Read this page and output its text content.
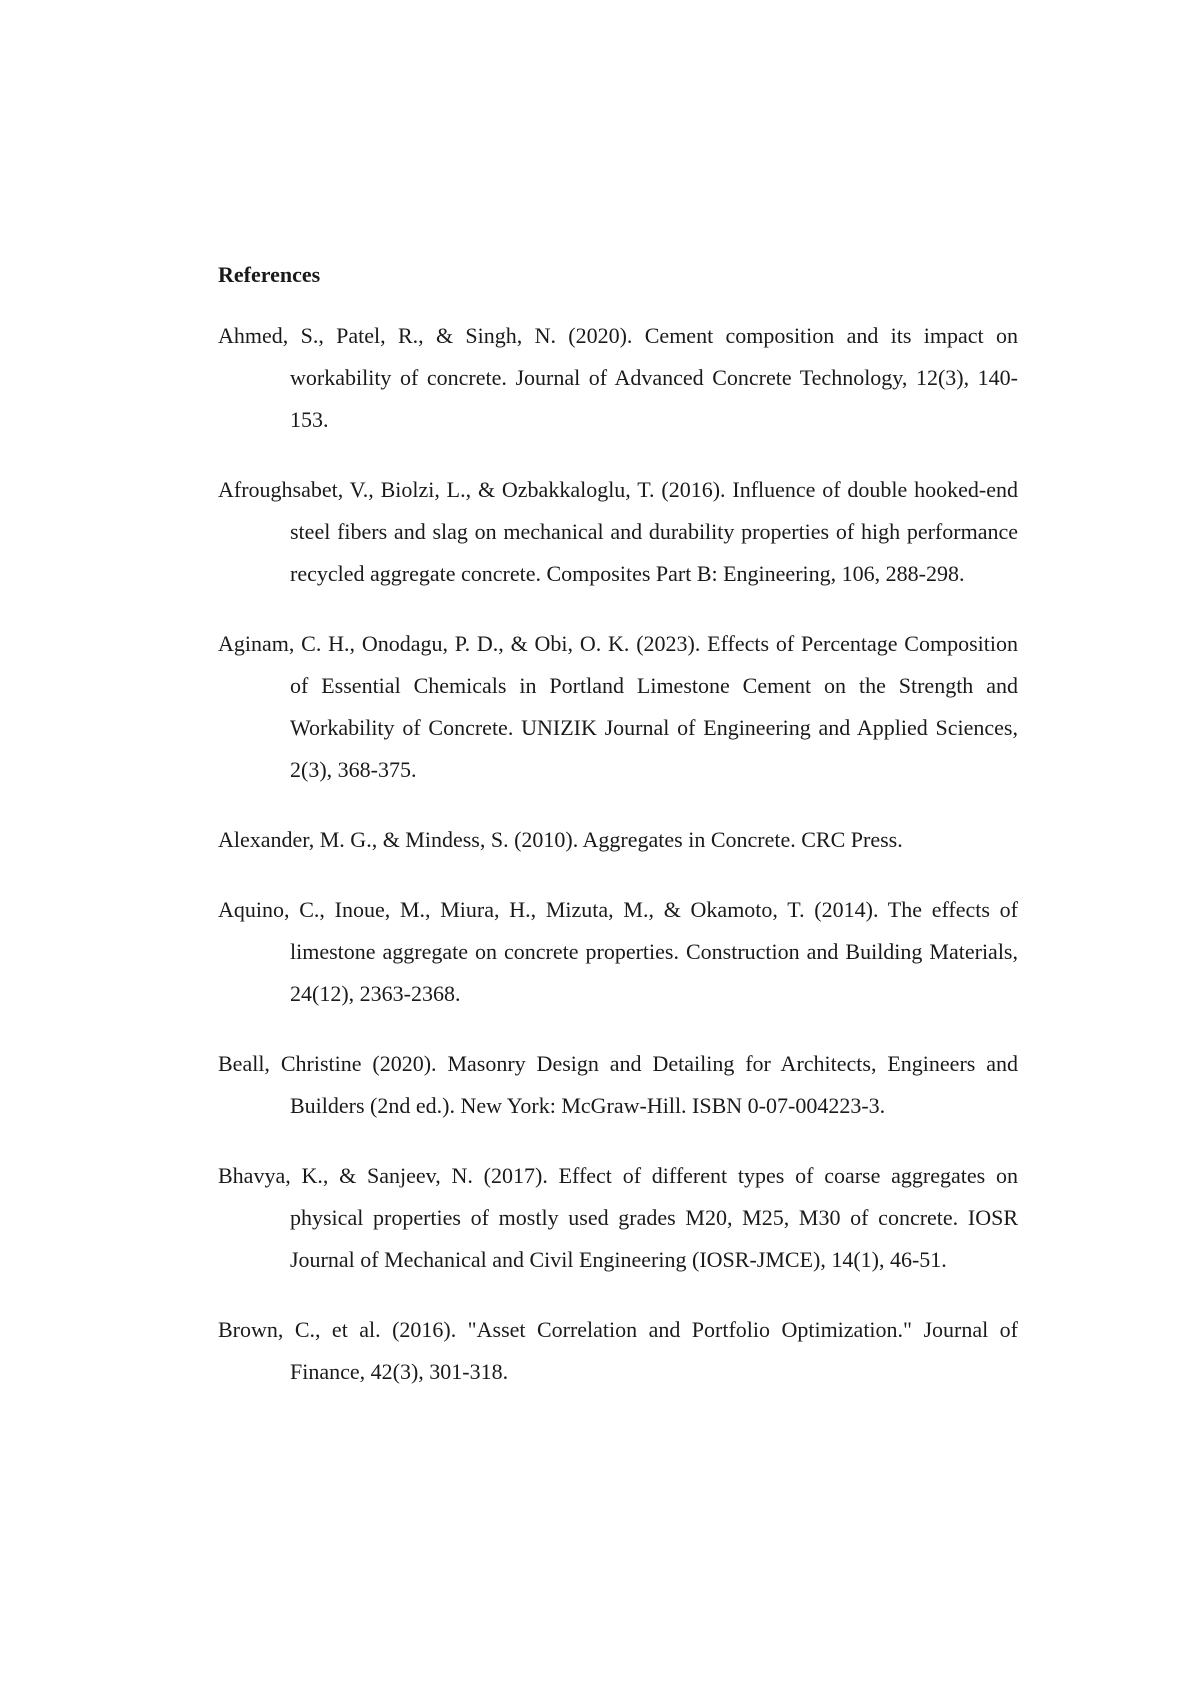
References
Ahmed, S., Patel, R., & Singh, N. (2020). Cement composition and its impact on workability of concrete. Journal of Advanced Concrete Technology, 12(3), 140-153.
Afroughsabet, V., Biolzi, L., & Ozbakkaloglu, T. (2016). Influence of double hooked-end steel fibers and slag on mechanical and durability properties of high performance recycled aggregate concrete. Composites Part B: Engineering, 106, 288-298.
Aginam, C. H., Onodagu, P. D., & Obi, O. K. (2023). Effects of Percentage Composition of Essential Chemicals in Portland Limestone Cement on the Strength and Workability of Concrete. UNIZIK Journal of Engineering and Applied Sciences, 2(3), 368-375.
Alexander, M. G., & Mindess, S. (2010). Aggregates in Concrete. CRC Press.
Aquino, C., Inoue, M., Miura, H., Mizuta, M., & Okamoto, T. (2014). The effects of limestone aggregate on concrete properties. Construction and Building Materials, 24(12), 2363-2368.
Beall, Christine (2020). Masonry Design and Detailing for Architects, Engineers and Builders (2nd ed.). New York: McGraw-Hill. ISBN 0-07-004223-3.
Bhavya, K., & Sanjeev, N. (2017). Effect of different types of coarse aggregates on physical properties of mostly used grades M20, M25, M30 of concrete. IOSR Journal of Mechanical and Civil Engineering (IOSR-JMCE), 14(1), 46-51.
Brown, C., et al. (2016). "Asset Correlation and Portfolio Optimization." Journal of Finance, 42(3), 301-318.
